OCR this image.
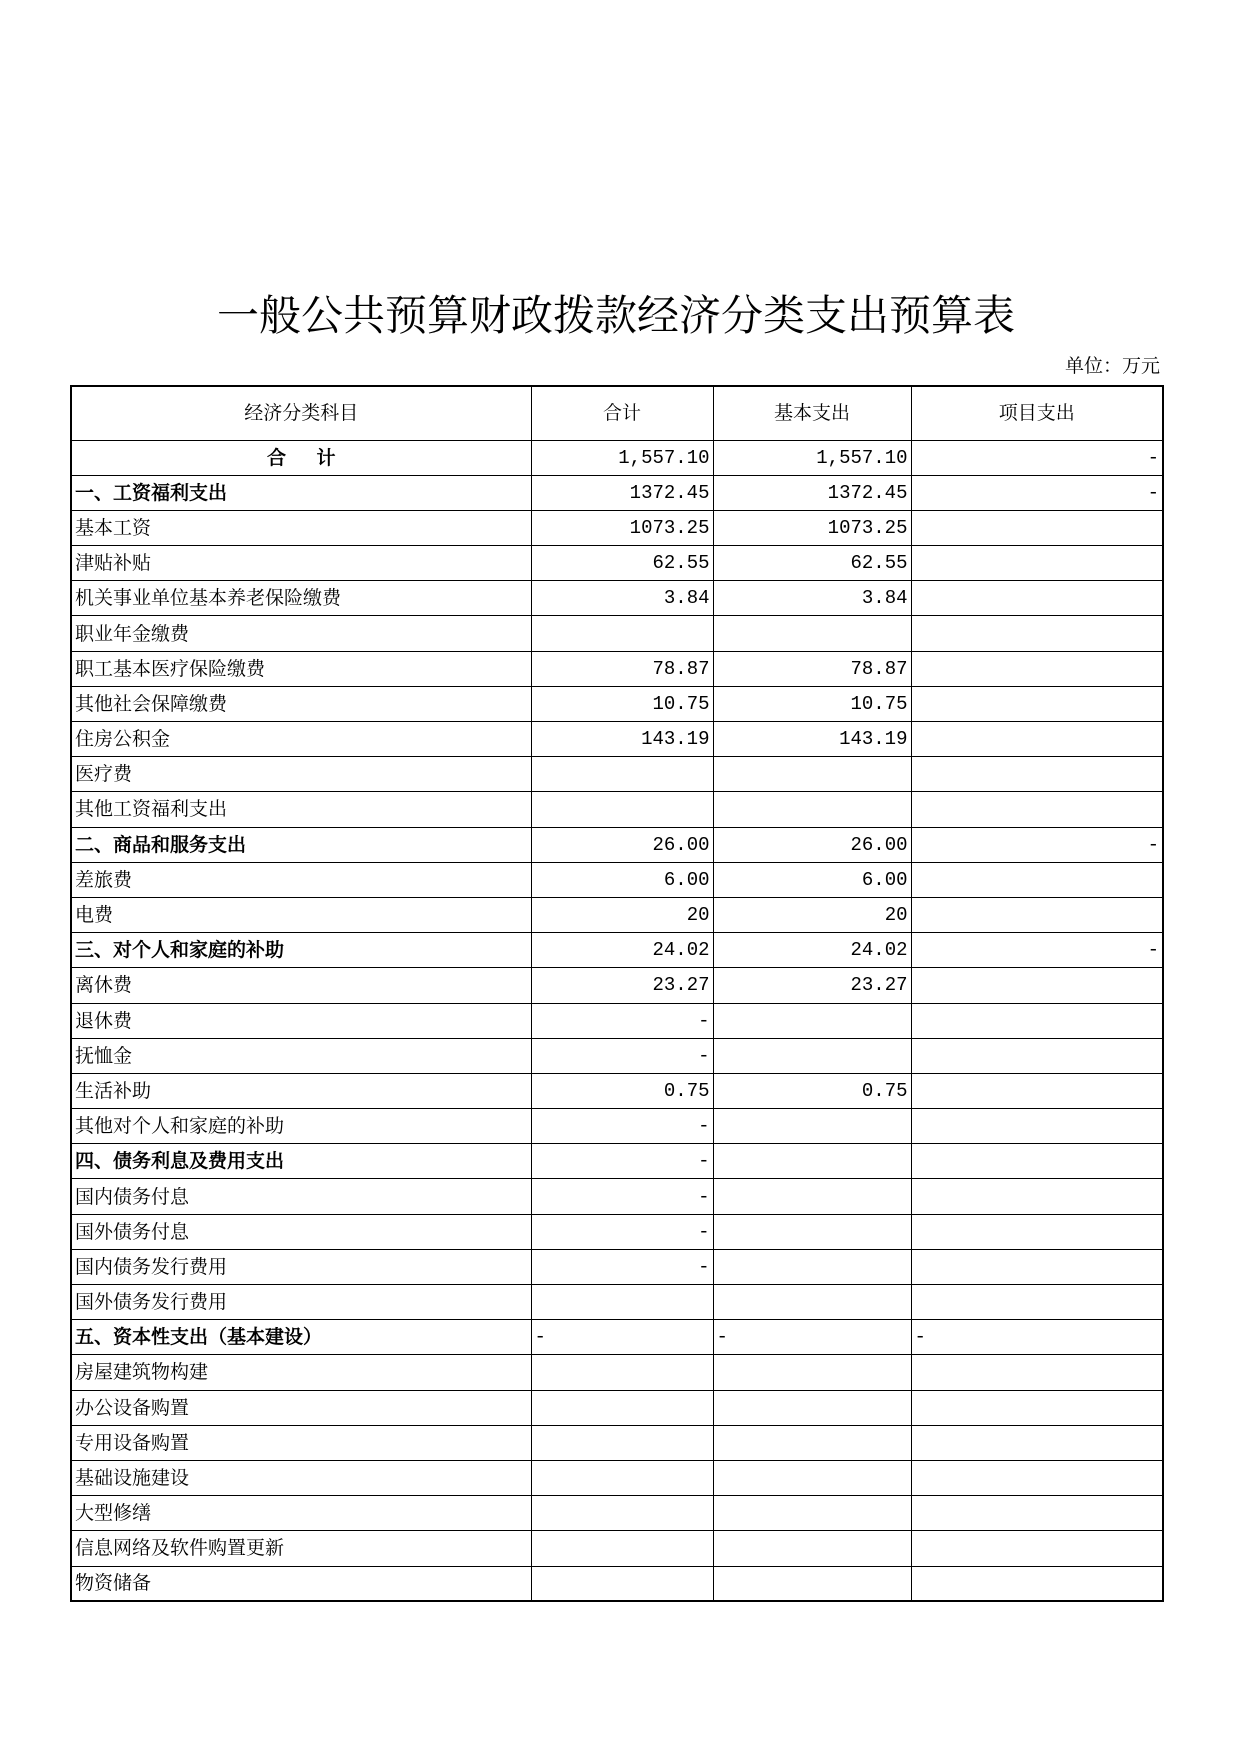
一般公共预算财政拨款经济分类支出预算表
单位：万元
经济分类科目	合计	基本支出	项目支出
合 计	1,557.10	1,557.10	-
一、工资福利支出	1372.45	1372.45	-
基本工资	1073.25	1073.25	
津贴补贴	62.55	62.55	
机关事业单位基本养老保险缴费	3.84	3.84	
职业年金缴费			
职工基本医疗保险缴费	78.87	78.87	
其他社会保障缴费	10.75	10.75	
住房公积金	143.19	143.19	
医疗费			
其他工资福利支出			
二、商品和服务支出	26.00	26.00	-
差旅费	6.00	6.00	
电费	20	20	
三、对个人和家庭的补助	24.02	24.02	-
离休费	23.27	23.27	
退休费	-		
抚恤金	-		
生活补助	0.75	0.75	
其他对个人和家庭的补助	-		
四、债务利息及费用支出	-		
国内债务付息	-		
国外债务付息	-		
国内债务发行费用	-		
国外债务发行费用			
五、资本性支出（基本建设）	-	-	-
房屋建筑物构建			
办公设备购置			
专用设备购置			
基础设施建设			
大型修缮			
信息网络及软件购置更新			
物资储备			
